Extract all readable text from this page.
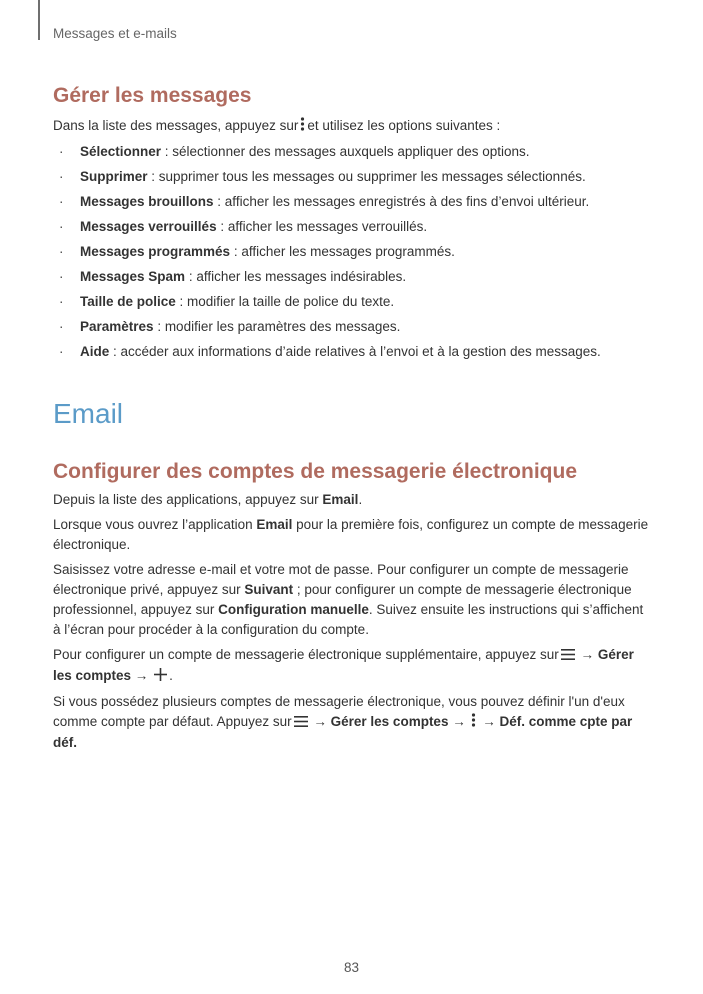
Messages et e-mails
Gérer les messages

Dans la liste des messages, appuyez sur et utilisez les options suivantes :

· Sélectionner : sélectionner des messages auxquels appliquer des options.
· Supprimer : supprimer tous les messages ou supprimer les messages sélectionnés.
· Messages brouillons : afficher les messages enregistrés à des fins d’envoi ultérieur.
· Messages verrouillés : afficher les messages verrouillés.
· Messages programmés : afficher les messages programmés.
· Messages Spam : afficher les messages indésirables.
· Taille de police : modifier la taille de police du texte.
· Paramètres : modifier les paramètres des messages.
· Aide : accéder aux informations d’aide relatives à l’envoi et à la gestion des messages.
Email
Configurer des comptes de messagerie électronique

Depuis la liste des applications, appuyez sur Email.

Lorsque vous ouvrez l’application Email pour la première fois, configurez un compte de messagerie électronique.

Saisissez votre adresse e-mail et votre mot de passe. Pour configurer un compte de messagerie électronique privé, appuyez sur Suivant ; pour configurer un compte de messagerie électronique professionnel, appuyez sur Configuration manuelle. Suivez ensuite les instructions qui s’affichent à l’écran pour procéder à la configuration du compte.

Pour configurer un compte de messagerie électronique supplémentaire, appuyez sur → Gérer les comptes → .

Si vous possédez plusieurs comptes de messagerie électronique, vous pouvez définir l'un d'eux comme compte par défaut. Appuyez sur → Gérer les comptes →  → Déf. comme cpte par déf.

83
